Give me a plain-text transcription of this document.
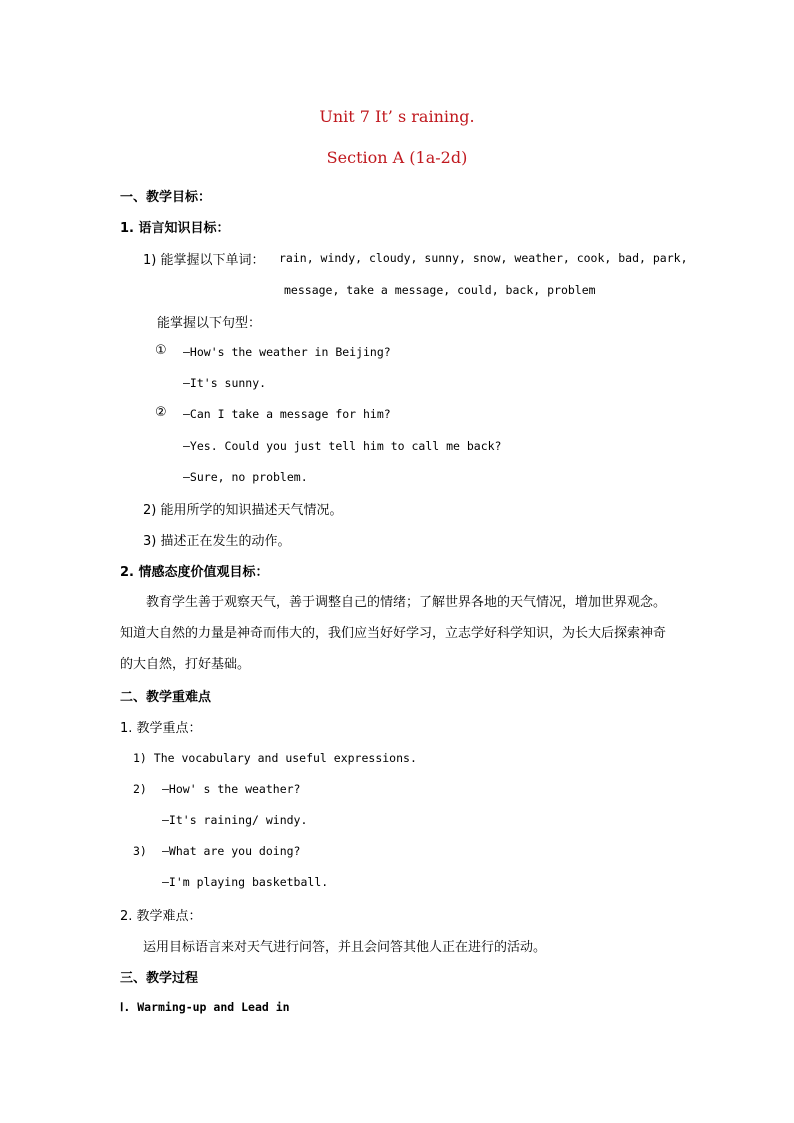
Unit 7 It’ s raining.
Section A (1a-2d)
一、教学目标：
1. 语言知识目标：
1) 能掌握以下单词： rain, windy, cloudy, sunny, snow, weather, cook, bad, park,
message, take a message, could, back, problem
能掌握以下句型：
① —How's the weather in Beijing?
—It's sunny.
② —Can I take a message for him?
—Yes. Could you just tell him to call me back?
—Sure, no problem.
2) 能用所学的知识描述天气情况。
3) 描述正在发生的动作。
2. 情感态度价值观目标：
教育学生善于观察天气，善于调整自己的情绪；了解世界各地的天气情况，增加世界观念。知道大自然的力量是神奇而伟大的，我们应当好好学习，立志学好科学知识，为长大后探索神奇的大自然，打好基础。
二、教学重难点
1. 教学重点：
1) The vocabulary and useful expressions.
2) —How' s the weather?
—It's raining/ windy.
3) —What are you doing?
—I'm playing basketball.
2. 教学难点：
运用目标语言来对天气进行问答，并且会问答其他人正在进行的活动。
三、教学过程
Ⅰ. Warming-up and Lead in
